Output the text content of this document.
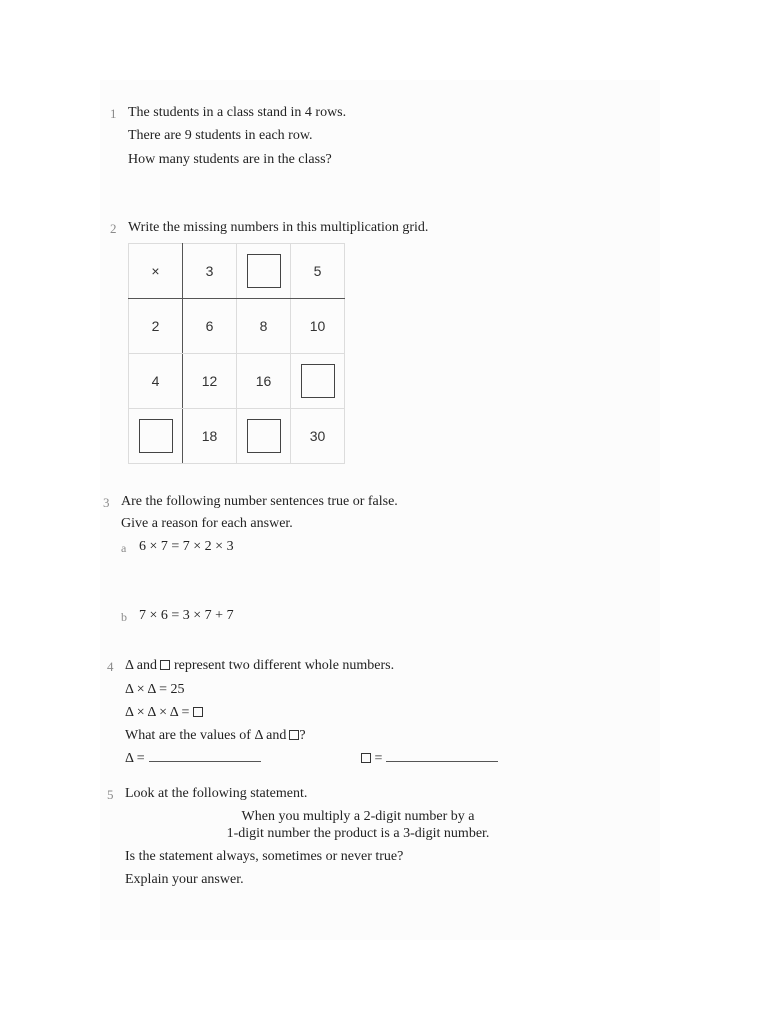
1 The students in a class stand in 4 rows.
There are 9 students in each row.
How many students are in the class?
2 Write the missing numbers in this multiplication grid.
×	3		5
2	6	8	10
4	12	16	
	18		30
3 Are the following number sentences true or false.
Give a reason for each answer.
a 6 × 7 = 7 × 2 × 3
b 7 × 6 = 3 × 7 + 7
4 Δ and represent two different whole numbers.
Δ × Δ = 25
Δ × Δ × Δ =
What are the values of Δ and ?
Δ =	=
5 Look at the following statement.
When you multiply a 2-digit number by a
1-digit number the product is a 3-digit number.
Is the statement always, sometimes or never true?
Explain your answer.
